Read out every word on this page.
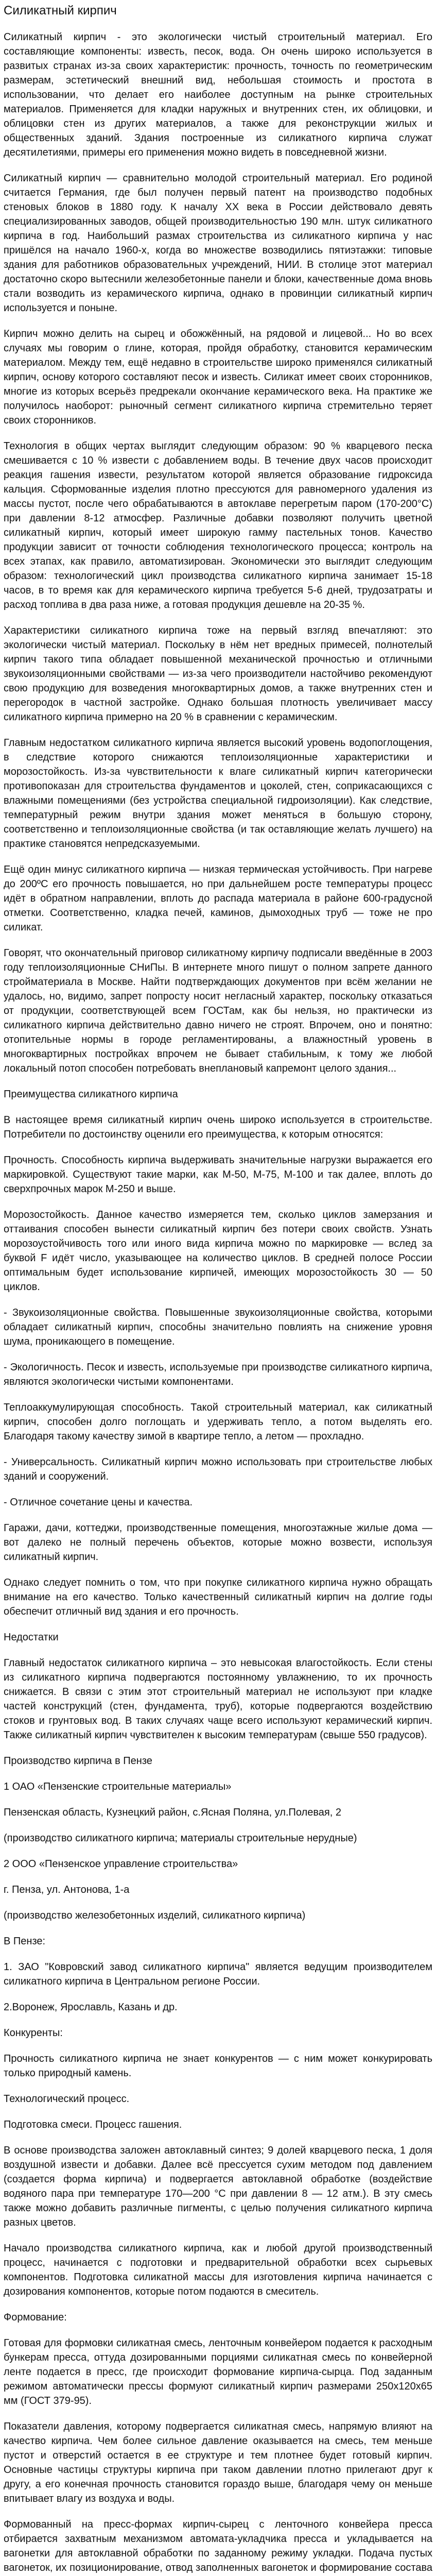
Силикатный кирпич

Силикатный кирпич - это экологически чистый строительный материал. Его составляющие компоненты: известь, песок, вода. Он очень широко используется в развитых странах из-за своих характеристик: прочность, точность по геометрическим размерам, эстетический внешний вид, небольшая стоимость и простота в использовании, что делает его наиболее доступным на рынке строительных материалов. Применяется для кладки наружных и внутренних стен, их облицовки, и облицовки стен из других материалов, а также для реконструкции жилых и общественных зданий. Здания построенные из силикатного кирпича служат десятилетиями, примеры его применения можно видеть в повседневной жизни.

Силикатный кирпич — сравнительно молодой строительный материал. Его родиной считается Германия, где был получен первый патент на производство подобных стеновых блоков в 1880 году. К началу XX века в России действовало девять специализированных заводов, общей производительностью 190 млн. штук силикатного кирпича в год. Наибольший размах строительства из силикатного кирпича у нас пришёлся на начало 1960-х, когда во множестве возводились пятиэтажки: типовые здания для работников образовательных учреждений, НИИ. В столице этот материал достаточно скоро вытеснили железобетонные панели и блоки, качественные дома вновь стали возводить из керамического кирпича, однако в провинции силикатный кирпич используется и поныне.

Кирпич можно делить на сырец и обожжённый, на рядовой и лицевой... Но во всех случаях мы говорим о глине, которая, пройдя обработку, становится керамическим материалом. Между тем, ещё недавно в строительстве широко применялся силикатный кирпич, основу которого составляют песок и известь. Силикат имеет своих сторонников, многие из которых всерьёз предрекали окончание керамического века. На практике же получилось наоборот: рыночный сегмент силикатного кирпича стремительно теряет своих сторонников.

Технология в общих чертах выглядит следующим образом: 90 % кварцевого песка смешивается с 10 % извести с добавлением воды. В течение двух часов происходит реакция гашения извести, результатом которой является образование гидроксида кальция. Сформованные изделия плотно прессуются для равномерного удаления из массы пустот, после чего обрабатываются в автоклаве перегретым паром (170-200°С) при давлении 8-12 атмосфер. Различные добавки позволяют получить цветной силикатный кирпич, который имеет широкую гамму пастельных тонов. Качество продукции зависит от точности соблюдения технологического процесса; контроль на всех этапах, как правило, автоматизирован. Экономически это выглядит следующим образом: технологический цикл производства силикатного кирпича занимает 15-18 часов, в то время как для керамического кирпича требуется 5-6 дней, трудозатраты и расход топлива в два раза ниже, а готовая продукция дешевле на 20-35 %.

Характеристики силикатного кирпича тоже на первый взгляд впечатляют: это экологически чистый материал. Поскольку в нём нет вредных примесей, полнотелый кирпич такого типа обладает повышенной механической прочностью и отличными звукоизоляционными свойствами — из-за чего производители настойчиво рекомендуют свою продукцию для возведения многоквартирных домов, а также внутренних стен и перегородок в частной застройке. Однако большая плотность увеличивает массу силикатного кирпича примерно на 20 % в сравнении с керамическим.

Главным недостатком силикатного кирпича является высокий уровень водопоглощения, в следствие которого снижаются теплоизоляционные характеристики и морозостойкость. Из-за чувствительности к влаге силикатный кирпич категорически противопоказан для строительства фундаментов и цоколей, стен, соприкасающихся с влажными помещениями (без устройства специальной гидроизоляции). Как следствие, температурный режим внутри здания может меняться в большую сторону, соответственно и теплоизоляционные свойства (и так оставляющие желать лучшего) на практике становятся непредсказуемыми.

Ещё один минус силикатного кирпича — низкая термическая устойчивость. При нагреве до 200ºС его прочность повышается, но при дальнейшем росте температуры процесс идёт в обратном направлении, вплоть до распада материала в районе 600-градусной отметки. Соответственно, кладка печей, каминов, дымоходных труб — тоже не про силикат.

Говорят, что окончательный приговор силикатному кирпичу подписали введённые в 2003 году теплоизоляционные СНиПы. В интернете много пишут о полном запрете данного стройматериала в Москве. Найти подтверждающих документов при всём желании не удалось, но, видимо, запрет попросту носит негласный характер, поскольку отказаться от продукции, соответствующей всем ГОСТам, как бы нельзя, но практически из силикатного кирпича действительно давно ничего не строят. Впрочем, оно и понятно: отопительные нормы в городе регламентированы, а влажностный уровень в многоквартирных постройках впрочем не бывает стабильным, к тому же любой локальный потоп способен потребовать внеплановый капремонт целого здания...

Преимущества силикатного кирпича

В настоящее время силикатный кирпич очень широко используется в строительстве. Потребители по достоинству оценили его преимущества, к которым относятся:

Прочность. Способность кирпича выдерживать значительные нагрузки выражается его маркировкой. Существуют такие марки, как М-50, М-75, М-100 и так далее, вплоть до сверхпрочных марок М-250 и выше.

Морозостойкость. Данное качество измеряется тем, сколько циклов замерзания и оттаивания способен вынести силикатный кирпич без потери своих свойств. Узнать морозоустойчивость того или иного вида кирпича можно по маркировке — вслед за буквой F идёт число, указывающее на количество циклов. В средней полосе России оптимальным будет использование кирпичей, имеющих морозостойкость 30 — 50 циклов.

- Звукоизоляционные свойства. Повышенные звукоизоляционные свойства, которыми обладает силикатный кирпич, способны значительно повлиять на снижение уровня шума, проникающего в помещение.

- Экологичность. Песок и известь, используемые при производстве силикатного кирпича, являются экологически чистыми компонентами.

Теплоаккумулирующая способность. Такой строительный материал, как силикатный кирпич, способен долго поглощать и удерживать тепло, а потом выделять его. Благодаря такому качеству зимой в квартире тепло, а летом — прохладно.

- Универсальность. Силикатный кирпич можно использовать при строительстве любых зданий и сооружений.

- Отличное сочетание цены и качества.

Гаражи, дачи, коттеджи, производственные помещения, многоэтажные жилые дома — вот далеко не полный перечень объектов, которые можно возвести, используя силикатный кирпич.

Однако следует помнить о том, что при покупке силикатного кирпича нужно обращать внимание на его качество. Только качественный силикатный кирпич на долгие годы обеспечит отличный вид здания и его прочность.

Недостатки

Главный недостаток силикатного кирпича – это невысокая влагостойкость. Если стены из силикатного кирпича подвергаются постоянному увлажнению, то их прочность снижается. В связи с этим этот строительный материал не используют при кладке частей конструкций (стен, фундамента, труб), которые подвергаются воздействию стоков и грунтовых вод. В таких случаях чаще всего используют керамический кирпич. Также силикатный кирпич чувствителен к высоким температурам (свыше 550 градусов).

Производство кирпича в Пензе

1 ОАО «Пензенские строительные материалы»

Пензенская область, Кузнецкий район, с.Ясная Поляна, ул.Полевая, 2

(производство силикатного кирпича; материалы строительные нерудные)

2 ООО «Пензенское управление строительства»

г. Пенза, ул. Антонова, 1-а

(производство железобетонных изделий, силикатного кирпича)

В Пензе:

1. ЗАО "Ковровский завод силикатного кирпича" является ведущим производителем силикатного кирпича в Центральном регионе России.

2.Воронеж, Ярославль, Казань и др.

Конкуренты:

Прочность силикатного кирпича не знает конкурентов — с ним может конкурировать только природный камень.

Технологический процесс.

Подготовка смеси. Процесс гашения.

В основе производства заложен автоклавный синтез; 9 долей кварцевого песка, 1 доля воздушной извести и добавки. Далее всё прессуется сухим методом под давлением (создается форма кирпича) и подвергается автоклавной обработке (воздействие водяного пара при температуре 170—200 °С при давлении 8 — 12 атм.). В эту смесь также можно добавить различные пигменты, с целью получения силикатного кирпича разных цветов.

Начало производства силикатного кирпича, как и любой другой производственный процесс, начинается с подготовки и предварительной обработки всех сырьевых компонентов. Подготовка силикатной массы для изготовления кирпича начинается с дозирования компонентов, которые потом подаются в смеситель.

Формование:

Готовая для формовки силикатная смесь, ленточным конвейером подается к расходным бункерам пресса, оттуда дозированными порциями силикатная смесь по конвейерной ленте подается в пресс, где происходит формование кирпича-сырца. Под заданным режимом автоматически прессы формуют силикатный кирпич размерами 250x120x65 мм (ГОСТ 379-95).

Показатели давления, которому подвергается силикатная смесь, напрямую влияют на качество кирпича. Чем более сильное давление оказывается на смесь, тем меньше пустот и отверстий остается в ее структуре и тем плотнее будет готовый кирпич. Основные частицы структуры кирпича при таком давлении плотно прилегают друг к другу, а его конечная прочность становится гораздо выше, благодаря чему он меньше впитывает влагу из воздуха и воды.

Формованный на пресс-формах кирпич-сырец с ленточного конвейера пресса отбирается захватным механизмом автомата-укладчика пресса и укладывается на вагонетки для автоклавной обработки по заданному режиму укладки. Подача пустых вагонеток, их позиционирование, отвод заполненных вагонеток и формирование состава
